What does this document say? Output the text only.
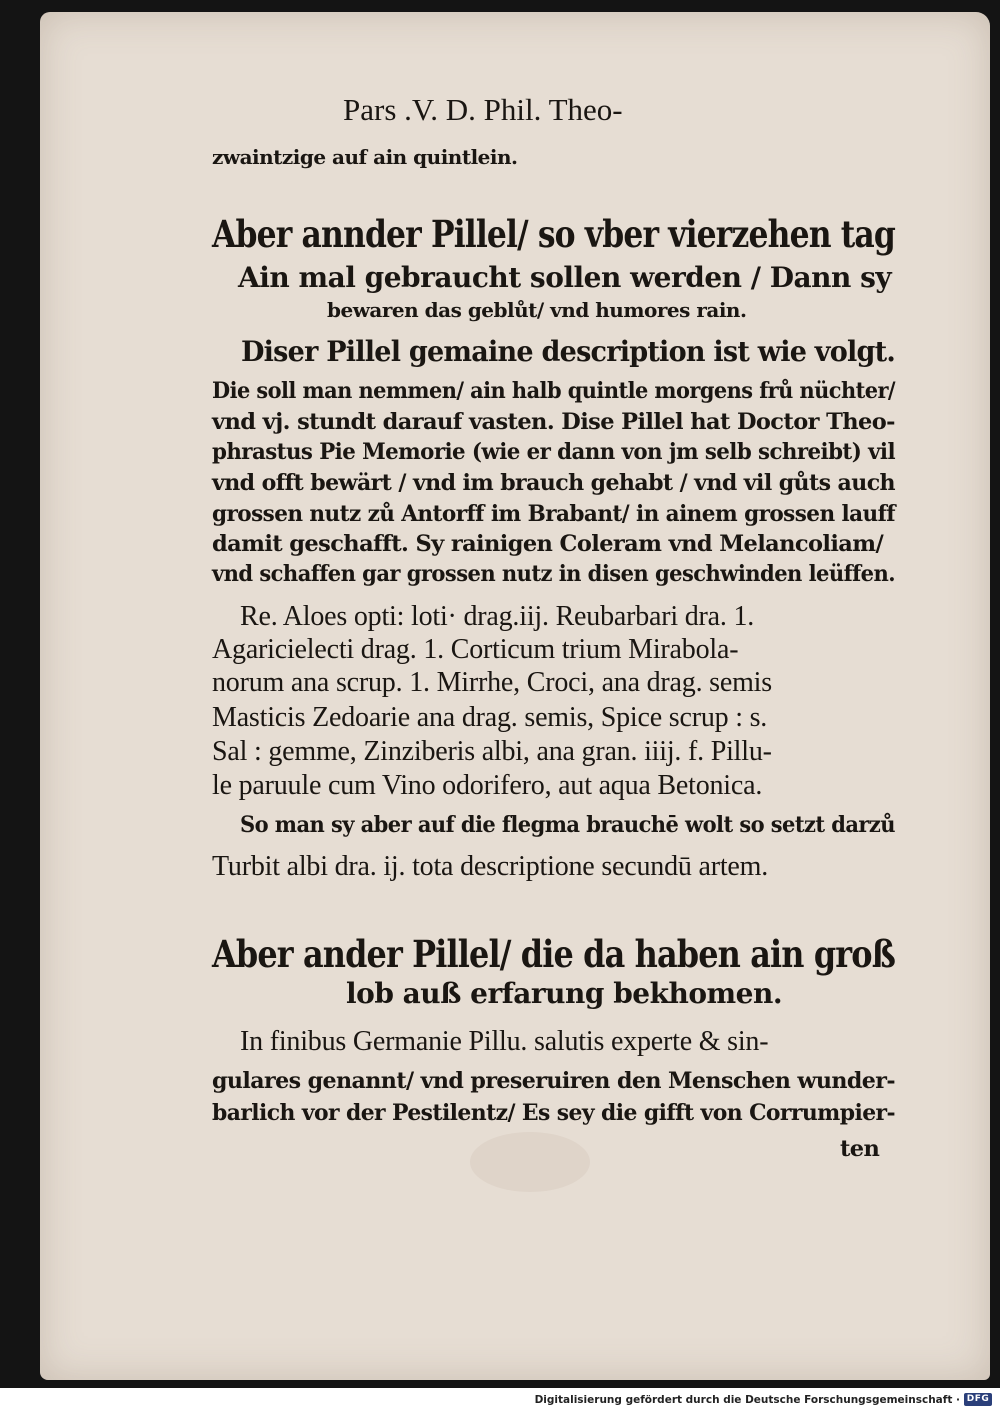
Pars .V. D. Phil. Theo-
zwaintzige auf ain quintlein.
Aber annder Pillel/ so vber vierzehen tag
Ain mal gebraucht sollen werden / Dann sy
bewaren das geblůt/ vnd humores rain.
Diser Pillel gemaine description ist wie volgt.
Die soll man nemmen/ ain halb quintle morgens frů nüchter/
vnd vj. stundt darauf vasten. Dise Pillel hat Doctor Theo-
phrastus Pie Memorie (wie er dann von jm selb schreibt) vil
vnd offt bewärt / vnd im brauch gehabt / vnd vil gůts auch
grossen nutz zů Antorff im Brabant/ in ainem grossen lauff
damit geschafft. Sy rainigen Coleram vnd Melancoliam/
vnd schaffen gar grossen nutz in disen geschwinden leüffen.
Re. Aloes opti: loti· drag.iij. Reubarbari dra. 1.
Agaricielecti drag. 1. Corticum trium Mirabola-
norum ana scrup. 1. Mirrhe, Croci, ana drag. semis
Masticis Zedoarie ana drag. semis, Spice scrup : s.
Sal : gemme, Zinziberis albi, ana gran. iiij. f. Pillu-
le paruule cum Vino odorifero, aut aqua Betonica.
So man sy aber auf die flegma brauchē wolt so setzt darzů
Turbit albi dra. ij. tota descriptione secundū artem.
Aber ander Pillel/ die da haben ain groß
lob auß erfarung bekhomen.
In finibus Germanie Pillu. salutis experte & sin-
gulares genannt/ vnd preseruiren den Menschen wunder-
barlich vor der Pestilentz/ Es sey die gifft von Corrumpier-
ten
Digitalisierung gefördert durch die Deutsche Forschungsgemeinschaft · DFG
